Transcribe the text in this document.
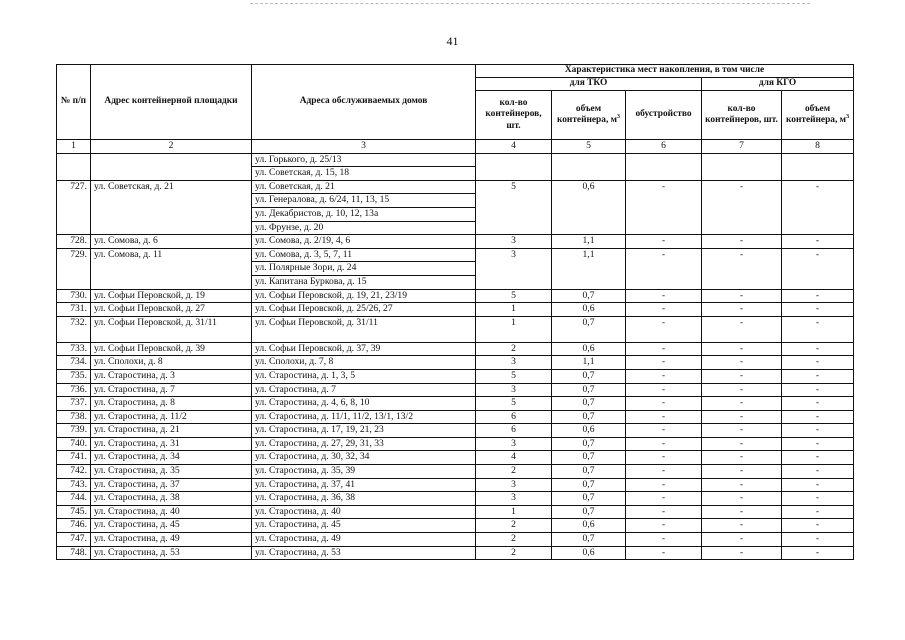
41
№ п/п	Адрес контейнерной площадки	Адреса обслуживаемых домов	Характеристика мест накопления, в том числе				
			для ТКО			для КГО	
			кол-во контейнеров, шт.	объем контейнера, $м^3$	обустройство	кол-во контейнеров, шт.	объем контейнера, $м^3$
1	2	3	4	5	6	7	8
		ул. Горького, д. 25/13					
		ул. Советская, д. 15, 18					
727.	ул. Советская, д. 21	ул. Советская, д. 21	5	0,6	-	-	-
		ул. Генералова, д. 6/24, 11, 13, 15					
		ул. Декабристов, д. 10, 12, 13а					
		ул. Фрунзе, д. 20					
728.	ул. Сомова, д. 6	ул. Сомова, д. 2/19, 4, 6	3	1,1	-	-	-
729.	ул. Сомова, д. 11	ул. Сомова, д. 3, 5, 7, 11	3	1,1	-	-	-
		ул. Полярные Зори, д. 24					
		ул. Капитана Буркова, д. 15					
730.	ул. Софьи Перовской, д. 19	ул. Софьи Перовской, д. 19, 21, 23/19	5	0,7	-	-	-
731.	ул. Софьи Перовской, д. 27	ул. Софьи Перовской, д. 25/26, 27	1	0,6	-	-	-
732.	ул. Софьи Перовской, д. 31/11	ул. Софьи Перовской, д. 31/11	1	0,7	-	-	-
733.	ул. Софьи Перовской, д. 39	ул. Софьи Перовской, д. 37, 39	2	0,6	-	-	-
734.	ул. Сполохи, д. 8	ул. Сполохи, д. 7, 8	3	1,1	-	-	-
735.	ул. Старостина, д. 3	ул. Старостина, д. 1, 3, 5	5	0,7	-	-	-
736.	ул. Старостина, д. 7	ул. Старостина, д. 7	3	0,7	-	-	-
737.	ул. Старостина, д. 8	ул. Старостина, д. 4, 6, 8, 10	5	0,7	-	-	-
738.	ул. Старостина, д. 11/2	ул. Старостина, д. 11/1, 11/2, 13/1, 13/2	6	0,7	-	-	-
739.	ул. Старостина, д. 21	ул. Старостина, д. 17, 19, 21, 23	6	0,6	-	-	-
740.	ул. Старостина, д. 31	ул. Старостина, д. 27, 29, 31, 33	3	0,7	-	-	-
741.	ул. Старостина, д. 34	ул. Старостина, д. 30, 32, 34	4	0,7	-	-	-
742.	ул. Старостина, д. 35	ул. Старостина, д. 35, 39	2	0,7	-	-	-
743.	ул. Старостина, д. 37	ул. Старостина, д. 37, 41	3	0,7	-	-	-
744.	ул. Старостина, д. 38	ул. Старостина, д. 36, 38	3	0,7	-	-	-
745.	ул. Старостина, д. 40	ул. Старостина, д. 40	1	0,7	-	-	-
746.	ул. Старостина, д. 45	ул. Старостина, д. 45	2	0,6	-	-	-
747.	ул. Старостина, д. 49	ул. Старостина, д. 49	2	0,7	-	-	-
748.	ул. Старостина, д. 53	ул. Старостина, д. 53	2	0,6	-	-	-
